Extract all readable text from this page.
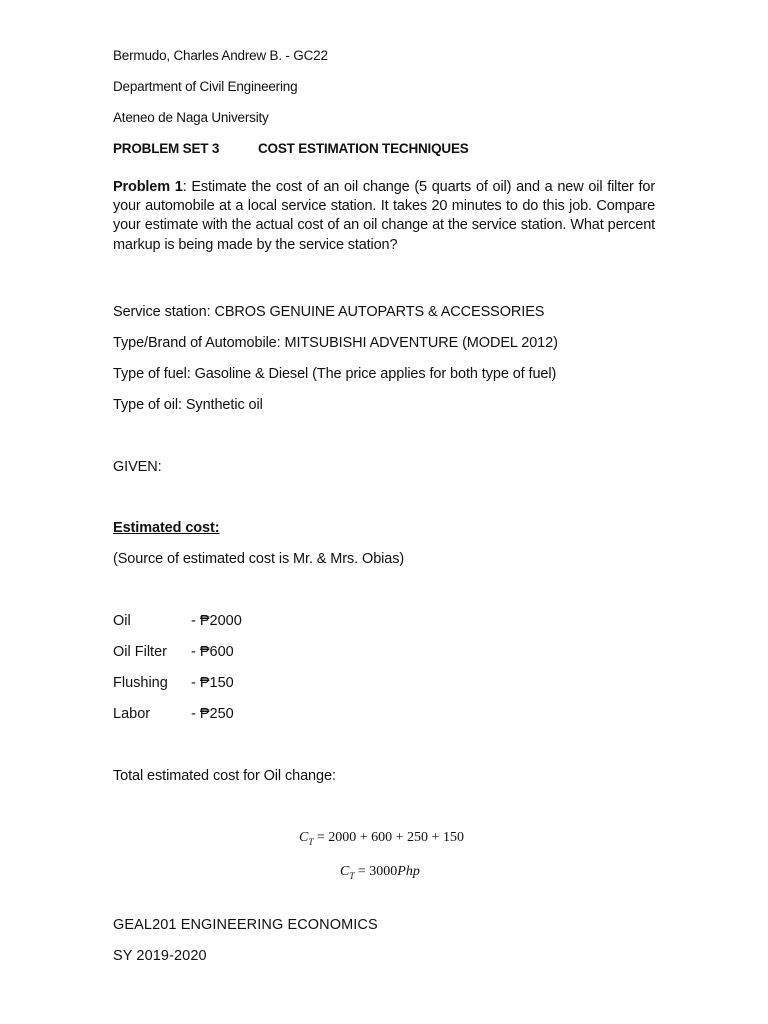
Bermudo, Charles Andrew B. - GC22
Department of Civil Engineering
Ateneo de Naga University
PROBLEM SET 3	COST ESTIMATION TECHNIQUES
Problem 1: Estimate the cost of an oil change (5 quarts of oil) and a new oil filter for your automobile at a local service station. It takes 20 minutes to do this job. Compare your estimate with the actual cost of an oil change at the service station. What percent markup is being made by the service station?
Service station: CBROS GENUINE AUTOPARTS & ACCESSORIES
Type/Brand of Automobile: MITSUBISHI ADVENTURE (MODEL 2012)
Type of fuel: Gasoline & Diesel (The price applies for both type of fuel)
Type of oil: Synthetic oil
GIVEN:
Estimated cost:
(Source of estimated cost is Mr. & Mrs. Obias)
Oil	- ₱2000
Oil Filter - ₱600
Flushing - ₱150
Labor	- ₱250
Total estimated cost for Oil change:
$C_T = 2000 + 600 + 250 + 150$
$C_T = 3000Php$
GEAL201 ENGINEERING ECONOMICS
SY 2019-2020
